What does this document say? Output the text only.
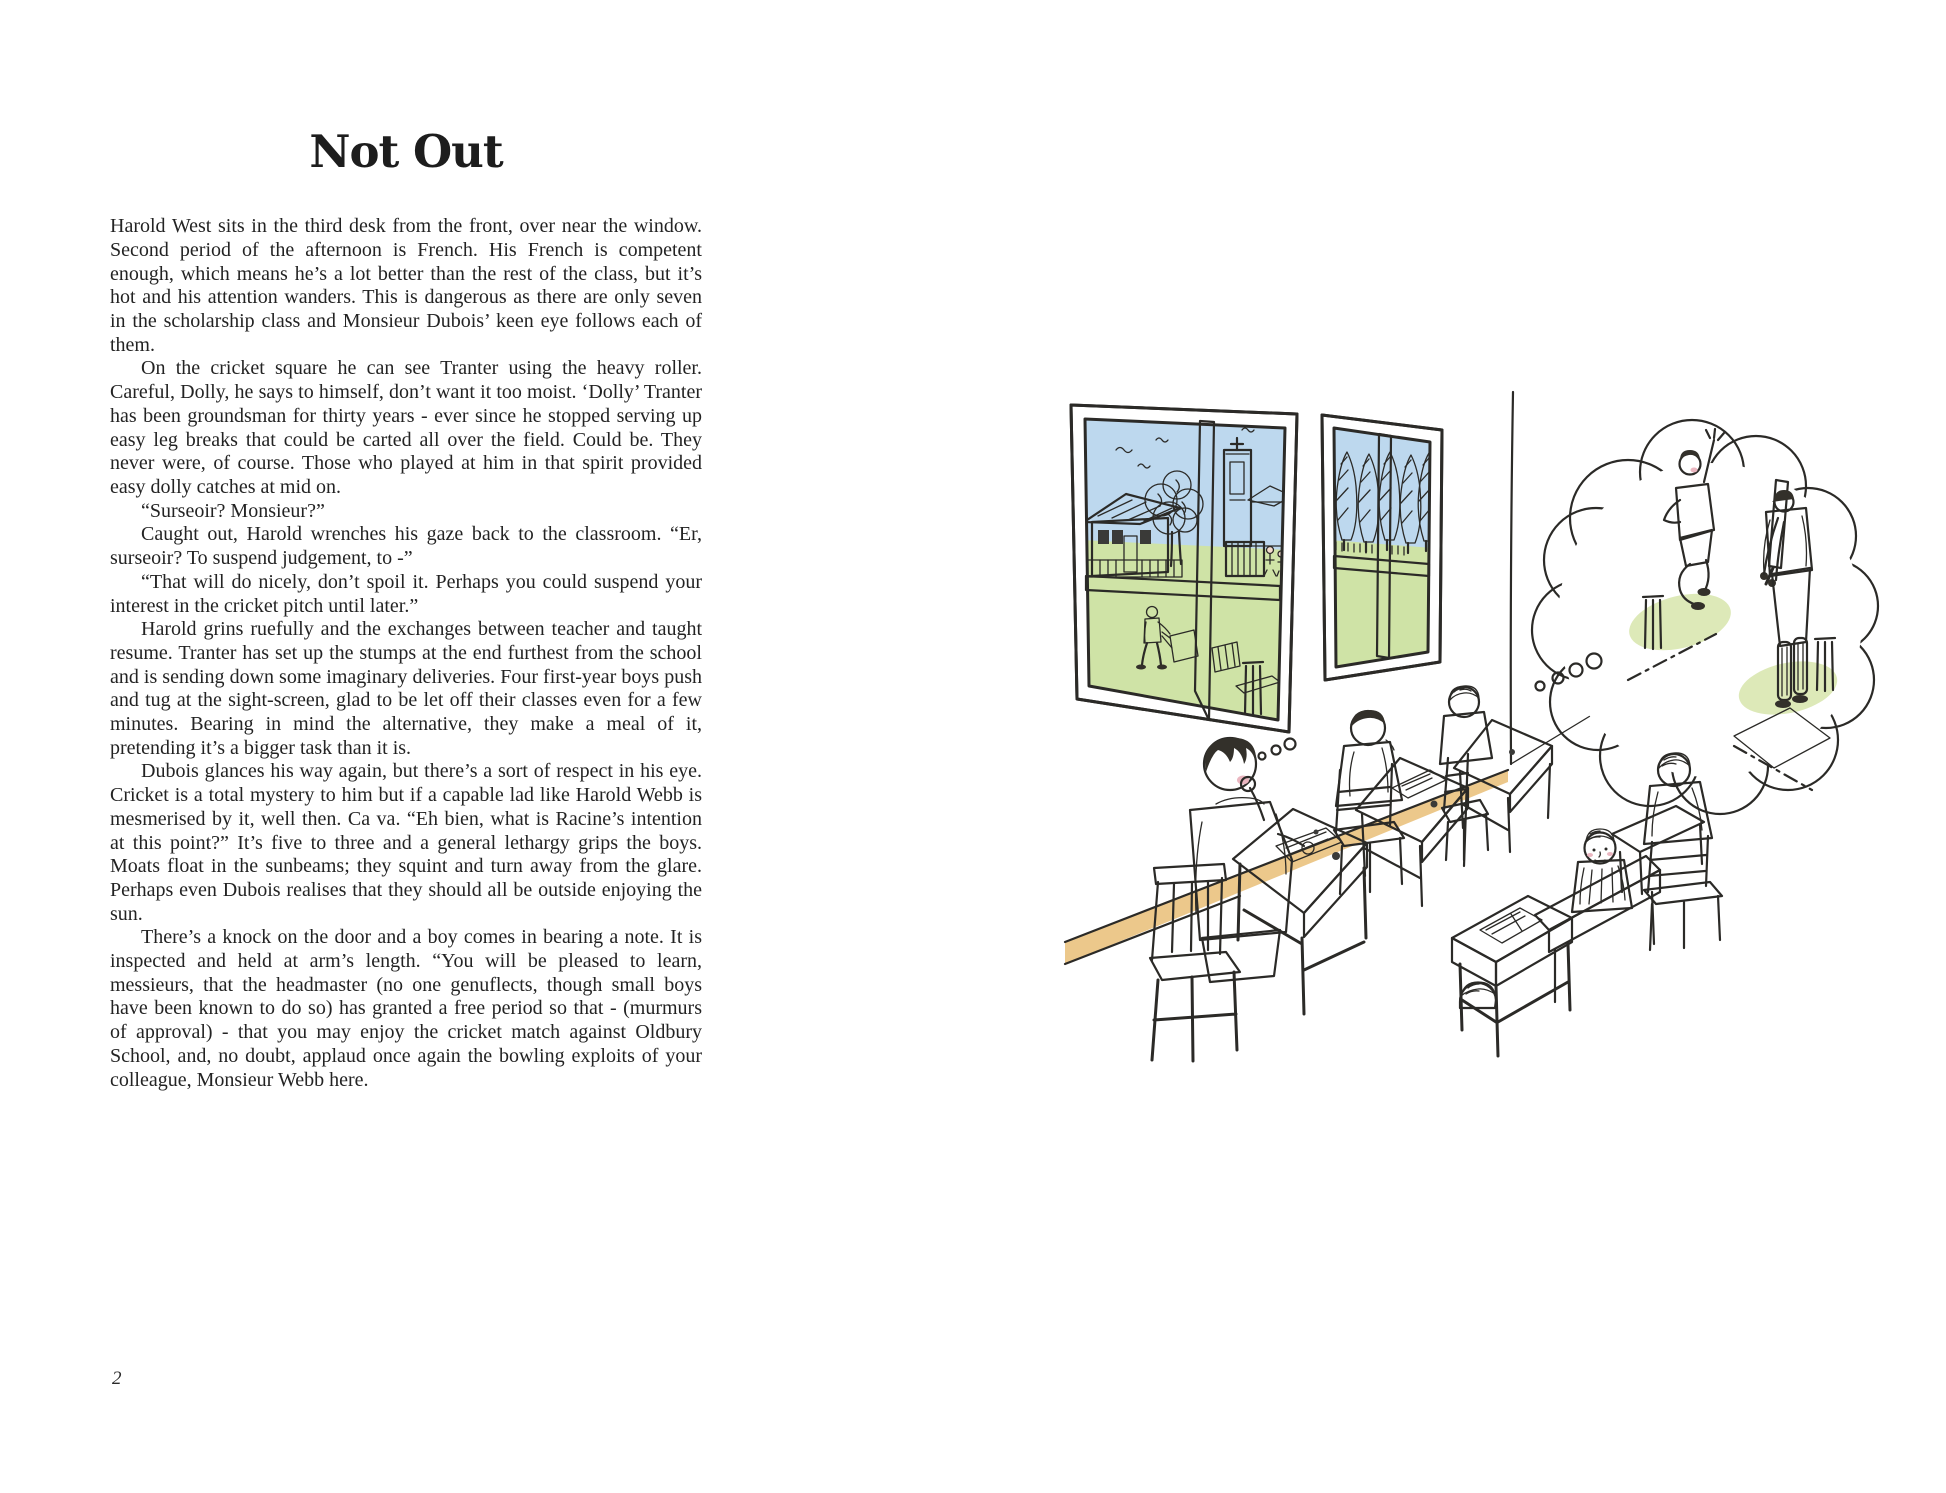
Not Out

Harold West sits in the third desk from the front, over near the window. Second period of the afternoon is French. His French is competent enough, which means he’s a lot better than the rest of the class, but it’s hot and his attention wanders. This is dangerous as there are only seven in the scholarship class and Monsieur Dubois’ keen eye follows each of them.

On the cricket square he can see Tranter using the heavy roller. Careful, Dolly, he says to himself, don’t want it too moist. ‘Dolly’ Tranter has been groundsman for thirty years - ever since he stopped serving up easy leg breaks that could be carted all over the field. Could be. They never were, of course. Those who played at him in that spirit provided easy dolly catches at mid on.

“Surseoir? Monsieur?”

Caught out, Harold wrenches his gaze back to the classroom. “Er, surseoir? To suspend judgement, to -”

“That will do nicely, don’t spoil it. Perhaps you could suspend your interest in the cricket pitch until later.”

Harold grins ruefully and the exchanges between teacher and taught resume. Tranter has set up the stumps at the end furthest from the school and is sending down some imaginary deliveries. Four first-year boys push and tug at the sight-screen, glad to be let off their classes even for a few minutes. Bearing in mind the alternative, they make a meal of it, pretending it’s a bigger task than it is.

Dubois glances his way again, but there’s a sort of respect in his eye. Cricket is a total mystery to him but if a capable lad like Harold Webb is mesmerised by it, well then. Ca va. “Eh bien, what is Racine’s intention at this point?” It’s five to three and a general lethargy grips the boys. Moats float in the sunbeams; they squint and turn away from the glare. Perhaps even Dubois realises that they should all be outside enjoying the sun.

There’s a knock on the door and a boy comes in bearing a note. It is inspected and held at arm’s length. “You will be pleased to learn, messieurs, that the headmaster (no one genuflects, though small boys have been known to do so) has granted a free period so that - (murmurs of approval) - that you may enjoy the cricket match against Oldbury School, and, no doubt, applaud once again the bowling exploits of your colleague, Monsieur Webb here.

2
